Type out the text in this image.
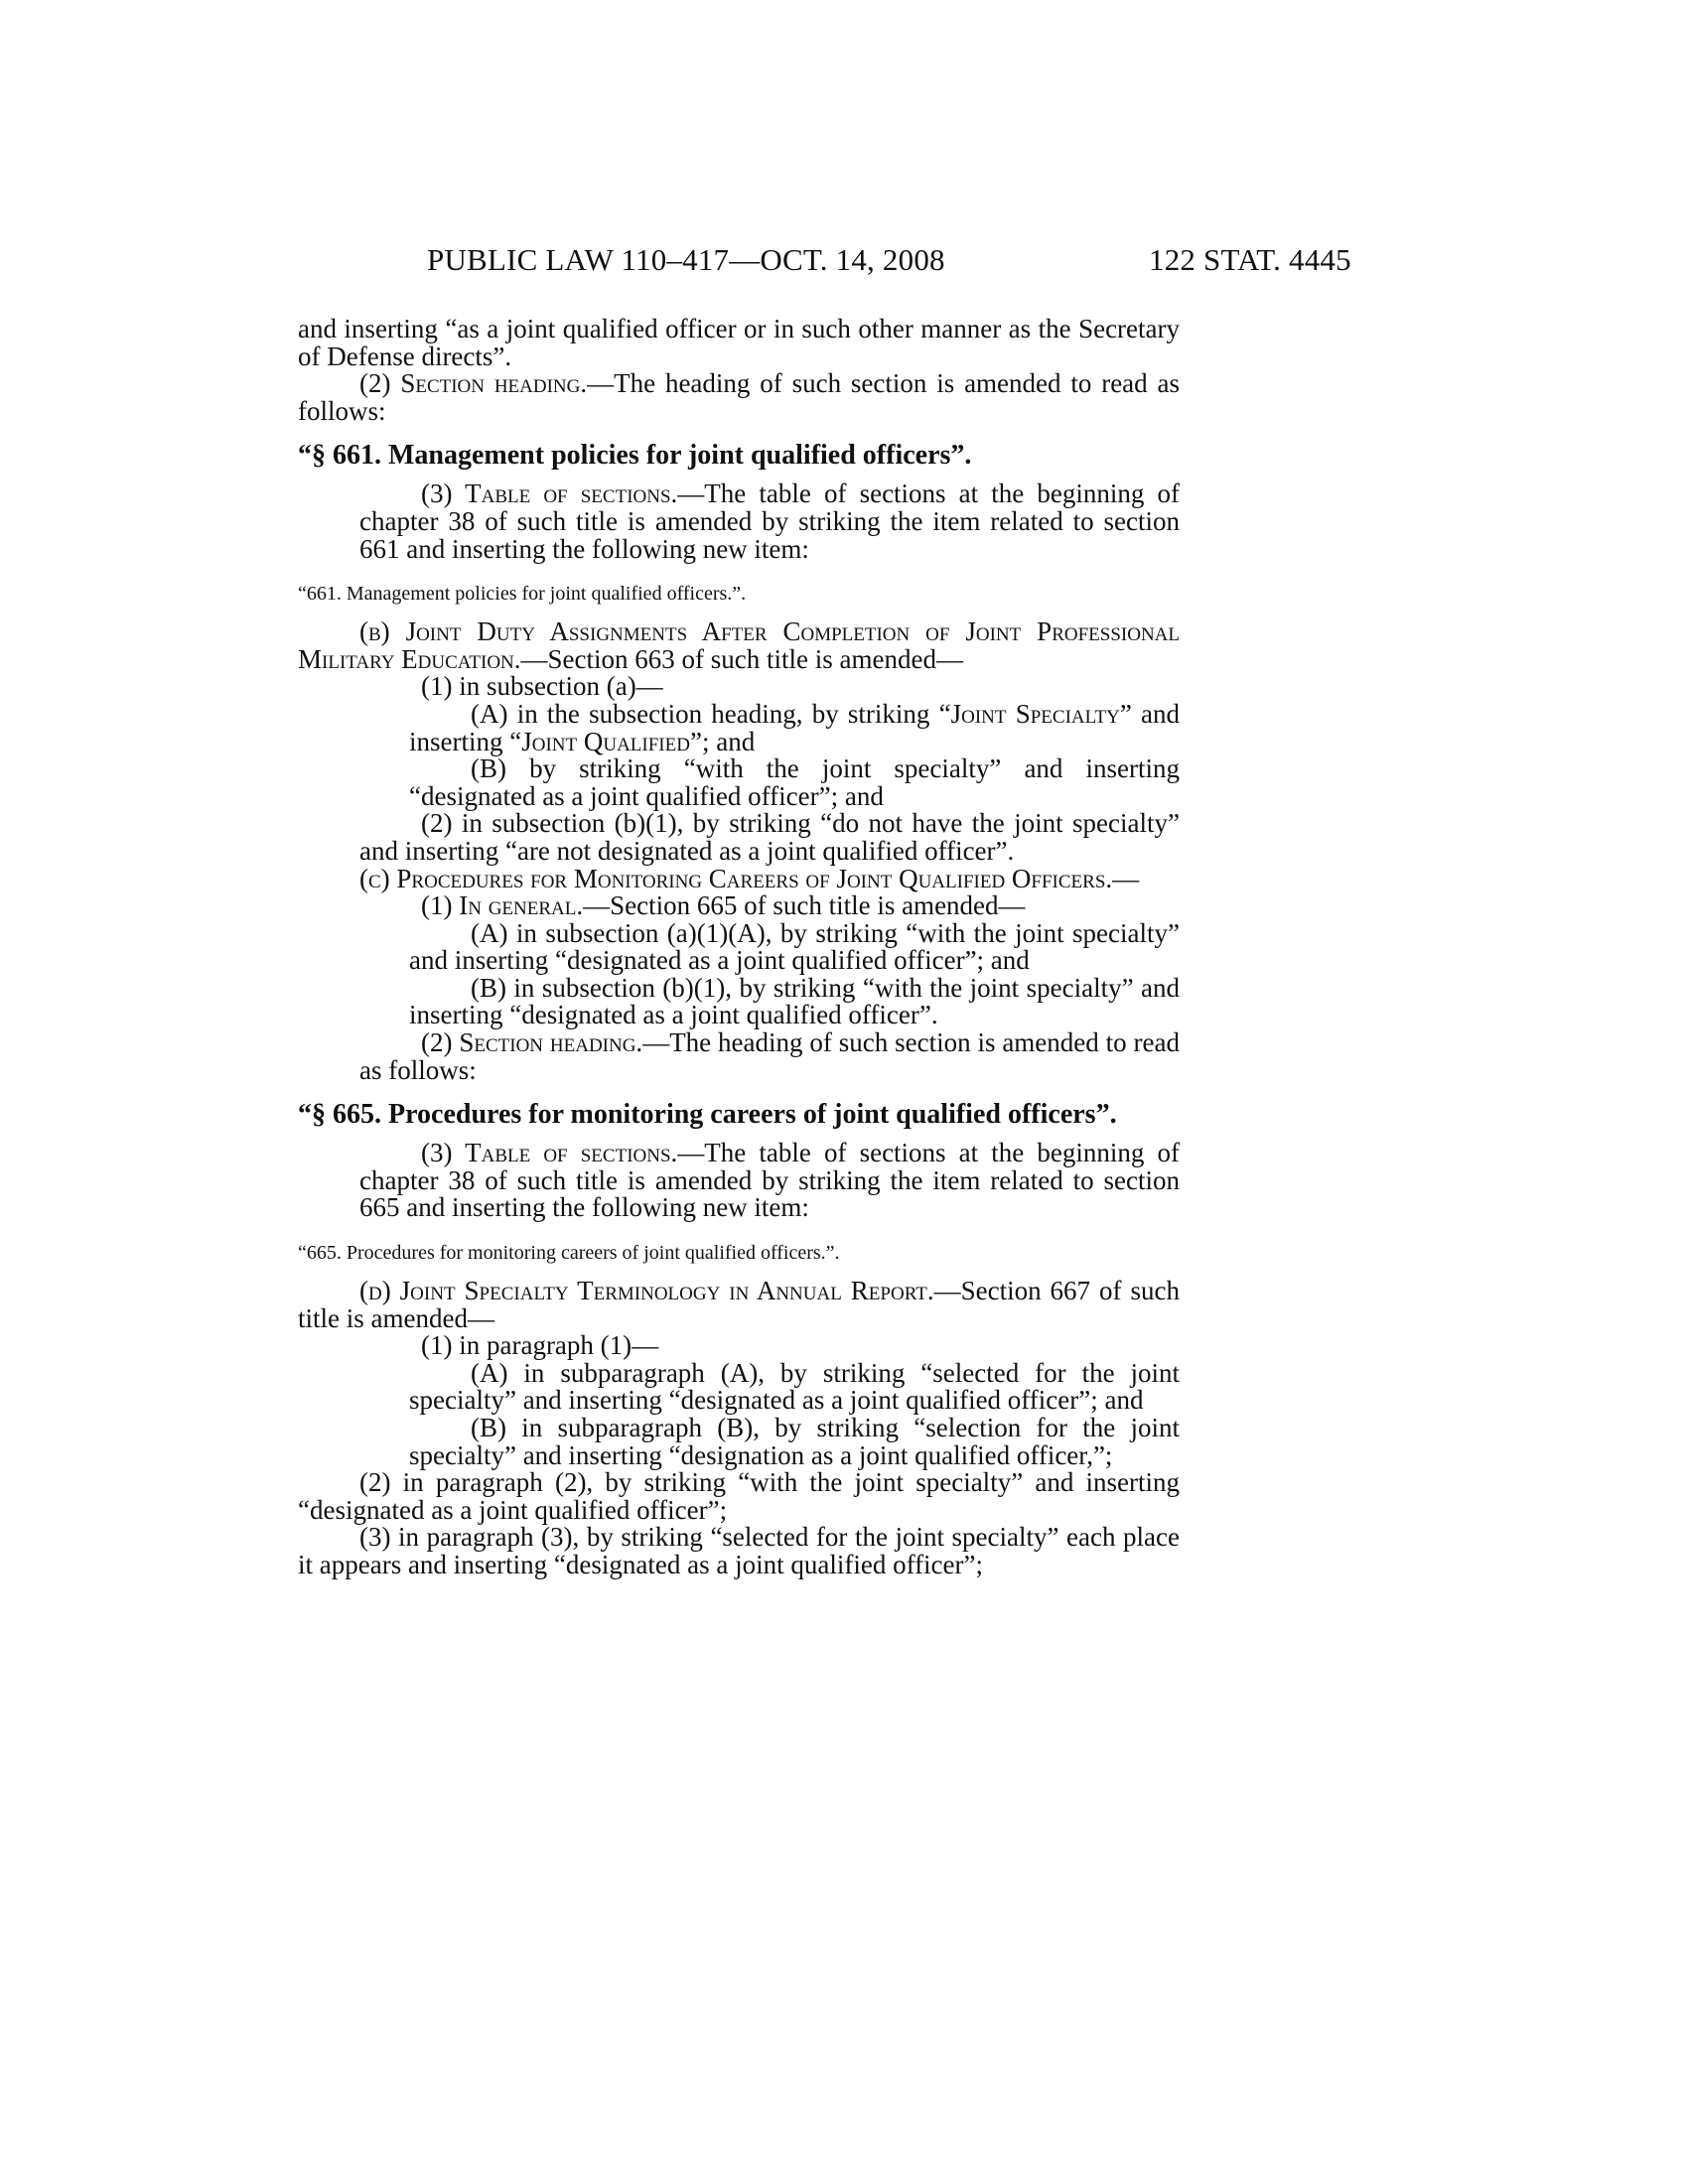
PUBLIC LAW 110–417—OCT. 14, 2008	122 STAT. 4445

and inserting “as a joint qualified officer or in such other manner as the Secretary of Defense directs”.

(2) Section heading.—The heading of such section is amended to read as follows:

“§ 661. Management policies for joint qualified officers”.

(3) Table of sections.—The table of sections at the beginning of chapter 38 of such title is amended by striking the item related to section 661 and inserting the following new item:

“661. Management policies for joint qualified officers.”.

(b) Joint Duty Assignments After Completion of Joint Professional Military Education.—Section 663 of such title is amended—

(1) in subsection (a)—

(A) in the subsection heading, by striking “Joint Specialty” and inserting “Joint Qualified”; and

(B) by striking “with the joint specialty” and inserting “designated as a joint qualified officer”; and

(2) in subsection (b)(1), by striking “do not have the joint specialty” and inserting “are not designated as a joint qualified officer”.

(c) Procedures for Monitoring Careers of Joint Qualified Officers.—

(1) In general.—Section 665 of such title is amended—

(A) in subsection (a)(1)(A), by striking “with the joint specialty” and inserting “designated as a joint qualified officer”; and

(B) in subsection (b)(1), by striking “with the joint specialty” and inserting “designated as a joint qualified officer”.

(2) Section heading.—The heading of such section is amended to read as follows:

“§ 665. Procedures for monitoring careers of joint qualified officers”.

(3) Table of sections.—The table of sections at the beginning of chapter 38 of such title is amended by striking the item related to section 665 and inserting the following new item:

“665. Procedures for monitoring careers of joint qualified officers.”.

(d) Joint Specialty Terminology in Annual Report.—Section 667 of such title is amended—

(1) in paragraph (1)—

(A) in subparagraph (A), by striking “selected for the joint specialty” and inserting “designated as a joint qualified officer”; and

(B) in subparagraph (B), by striking “selection for the joint specialty” and inserting “designation as a joint qualified officer,”;

(2) in paragraph (2), by striking “with the joint specialty” and inserting “designated as a joint qualified officer”;

(3) in paragraph (3), by striking “selected for the joint specialty” each place it appears and inserting “designated as a joint qualified officer”;
